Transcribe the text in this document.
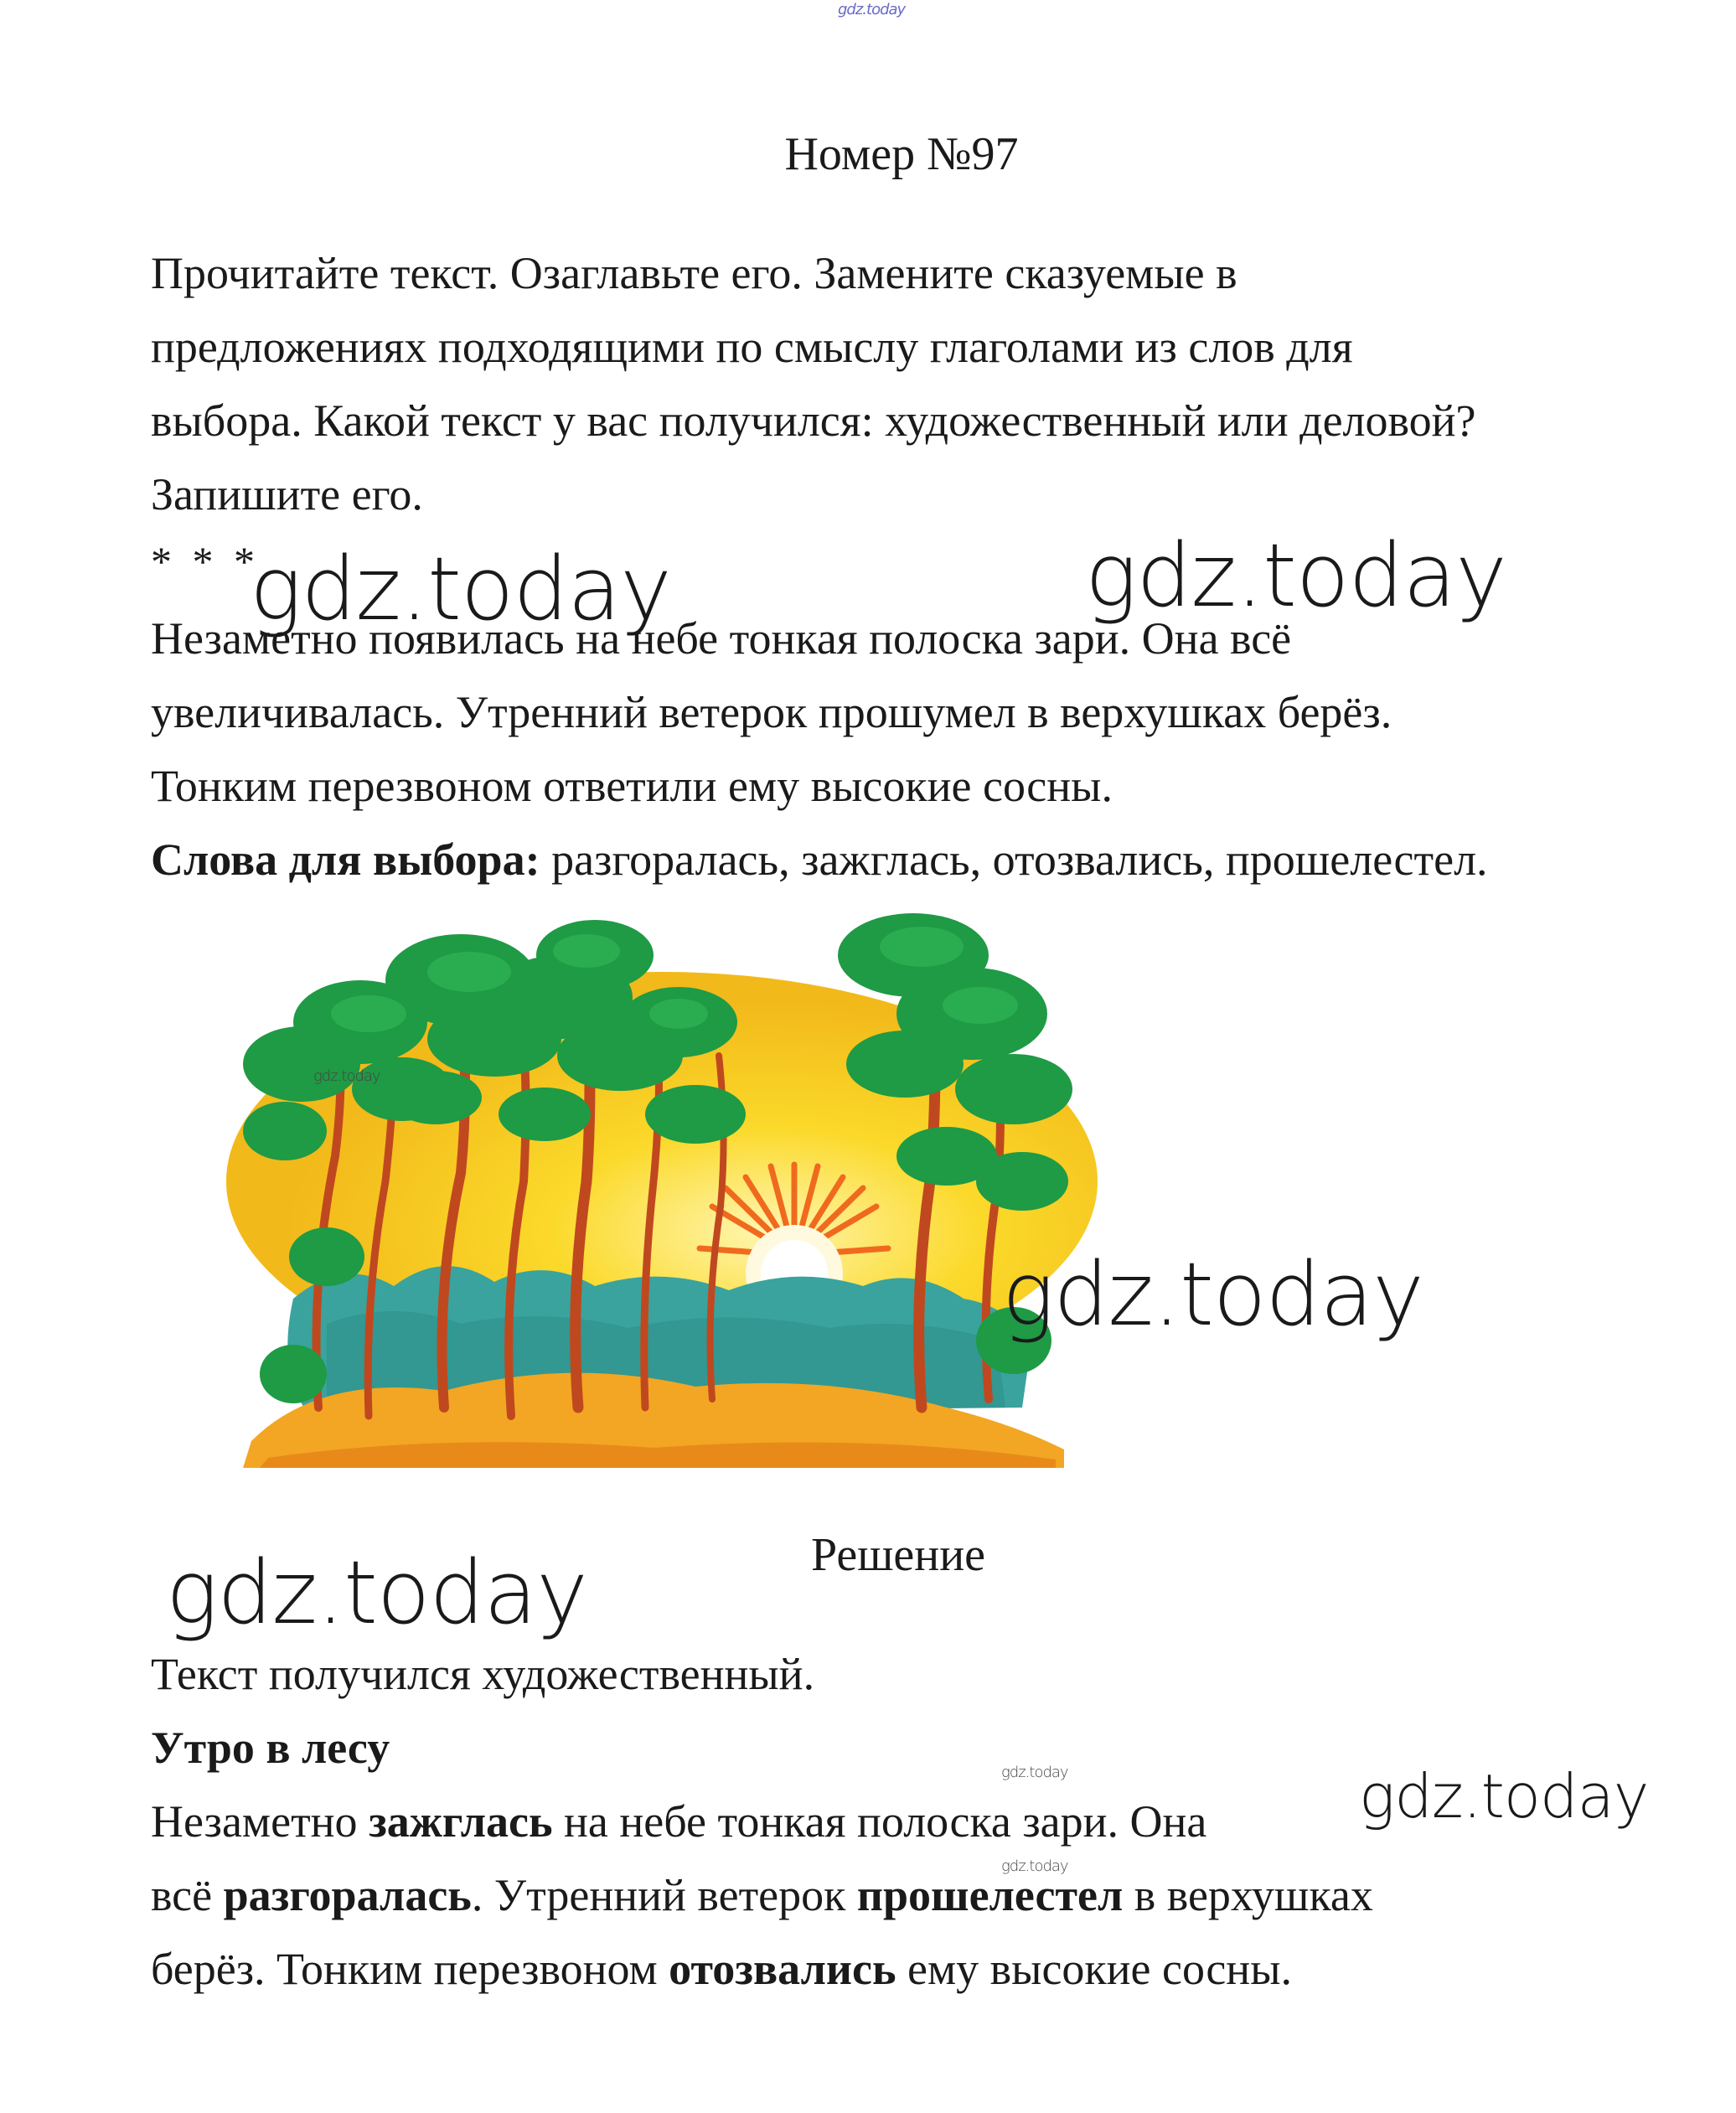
gdz.today
Номер №97

Прочитайте текст. Озаглавьте его. Замените сказуемые в

предложениях подходящими по смыслу глаголами из слов для

выбора. Какой текст у вас получился: художественный или деловой?

Запишите его.

* * *
gdz.today	gdz.today

Незаметно появилась на небе тонкая полоска зари. Она всё

увеличивалась. Утренний ветерок прошумел в верхушках берёз.

Тонким перезвоном ответили ему высокие сосны.

Слова для выбора: разгоралась, зажглась, отозвались, прошелестел.

gdz.today
gdz.today
Решение
gdz.today

Текст получился художественный.

Утро в лесу	gdz.today	gdz.today

Незаметно зажглась на небе тонкая полоска зари. Она

gdz.today

всё разгоралась. Утренний ветерок прошелестел в верхушках

берёз. Тонким перезвоном отозвались ему высокие сосны.
